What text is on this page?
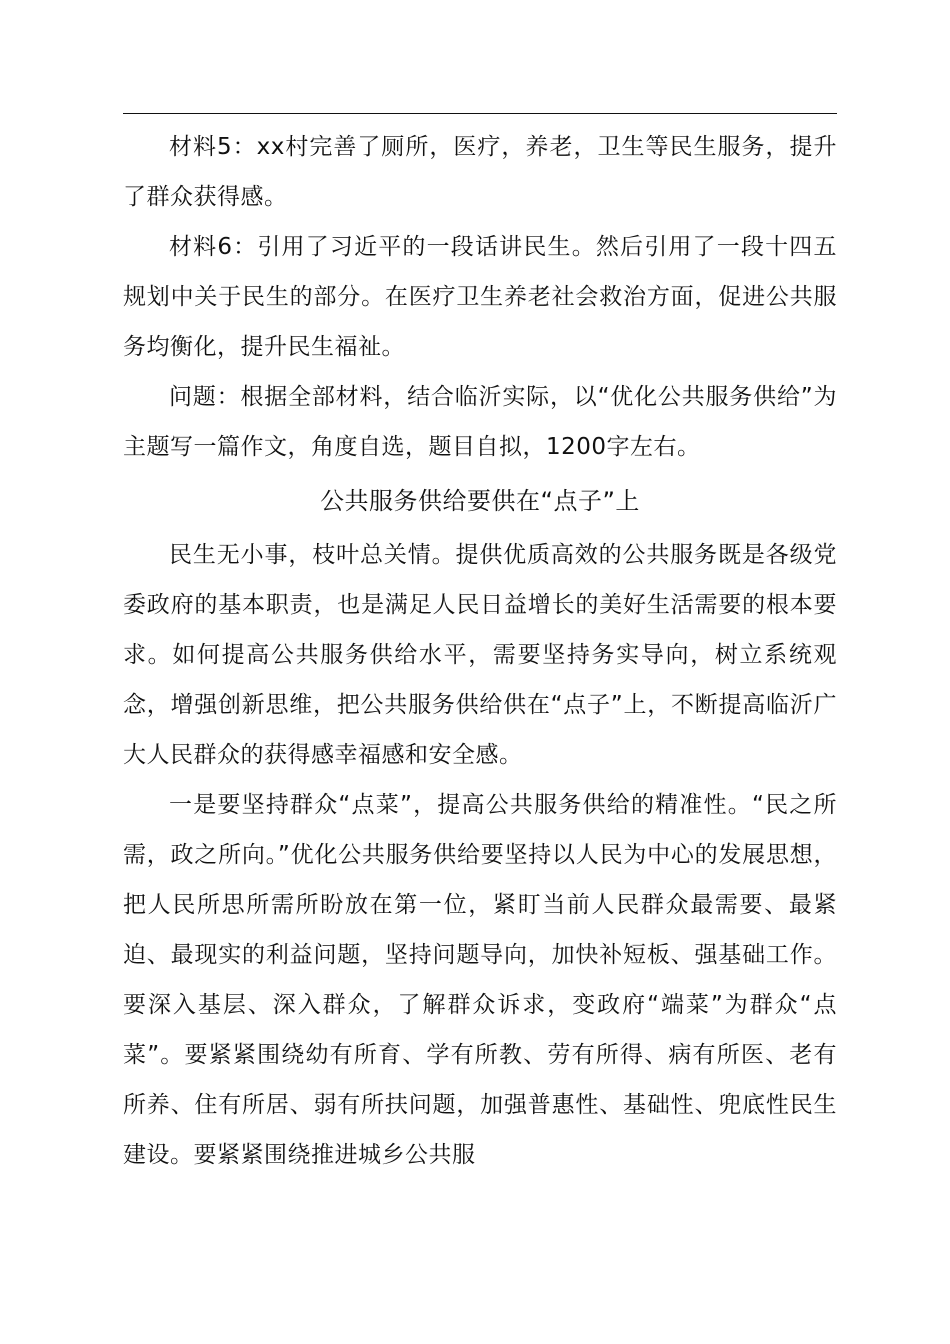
材料5：xx村完善了厕所，医疗，养老，卫生等民生服务，提升了群众获得感。

材料6：引用了习近平的一段话讲民生。然后引用了一段十四五规划中关于民生的部分。在医疗卫生养老社会救治方面，促进公共服务均衡化，提升民生福祉。

问题：根据全部材料，结合临沂实际，以“优化公共服务供给”为主题写一篇作文，角度自选，题目自拟，1200字左右。

公共服务供给要供在“点子”上

民生无小事，枝叶总关情。提供优质高效的公共服务既是各级党委政府的基本职责，也是满足人民日益增长的美好生活需要的根本要求。如何提高公共服务供给水平，需要坚持务实导向，树立系统观念，增强创新思维，把公共服务供给供在“点子”上，不断提高临沂广大人民群众的获得感幸福感和安全感。

一是要坚持群众“点菜”，提高公共服务供给的精准性。“民之所需，政之所向。”优化公共服务供给要坚持以人民为中心的发展思想，把人民所思所需所盼放在第一位，紧盯当前人民群众最需要、最紧迫、最现实的利益问题，坚持问题导向，加快补短板、强基础工作。要深入基层、深入群众，了解群众诉求，变政府“端菜”为群众“点菜”。要紧紧围绕幼有所育、学有所教、劳有所得、病有所医、老有所养、住有所居、弱有所扶问题，加强普惠性、基础性、兜底性民生建设。要紧紧围绕推进城乡公共服
